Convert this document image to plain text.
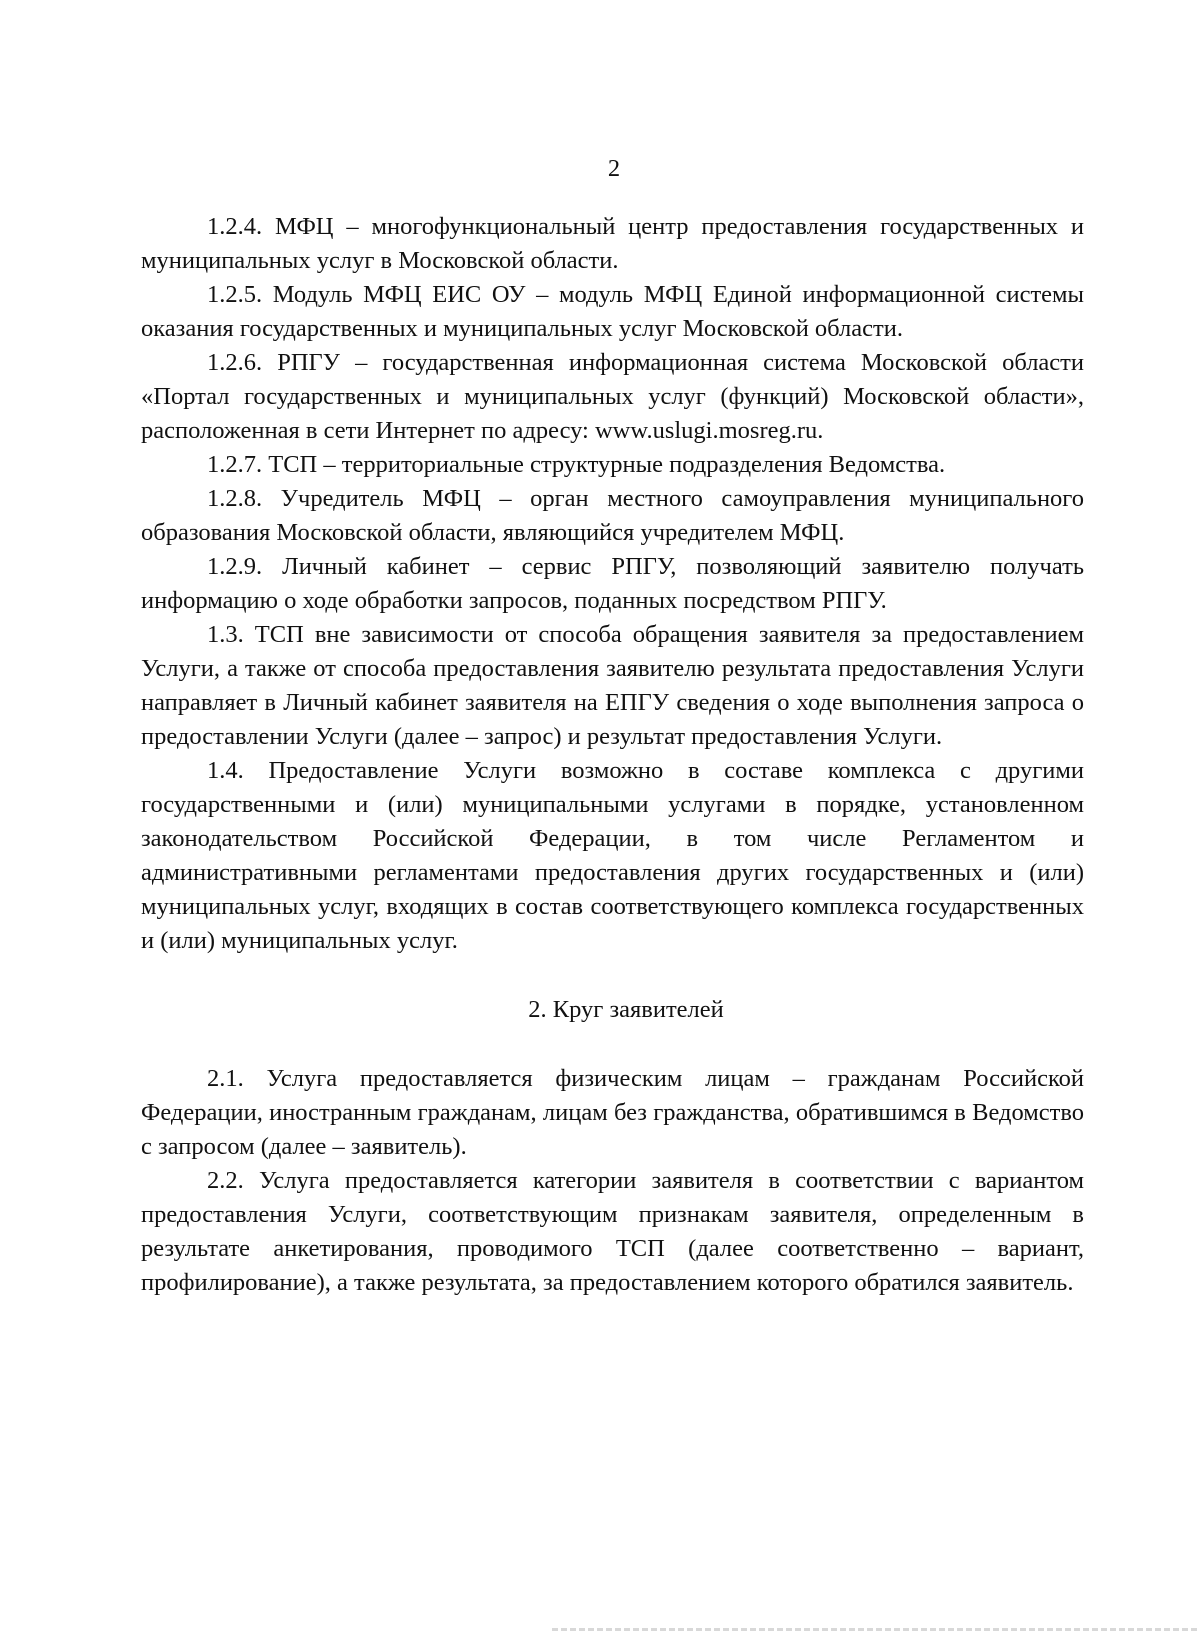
2

1.2.4. МФЦ – многофункциональный центр предоставления государственных и муниципальных услуг в Московской области.

1.2.5. Модуль МФЦ ЕИС ОУ – модуль МФЦ Единой информационной системы оказания государственных и муниципальных услуг Московской области.

1.2.6. РПГУ – государственная информационная система Московской области «Портал государственных и муниципальных услуг (функций) Московской области», расположенная в сети Интернет по адресу: www.uslugi.mosreg.ru.

1.2.7. ТСП – территориальные структурные подразделения Ведомства.

1.2.8. Учредитель МФЦ – орган местного самоуправления муниципального образования Московской области, являющийся учредителем МФЦ.

1.2.9. Личный кабинет – сервис РПГУ, позволяющий заявителю получать информацию о ходе обработки запросов, поданных посредством РПГУ.

1.3. ТСП вне зависимости от способа обращения заявителя за предоставлением Услуги, а также от способа предоставления заявителю результата предоставления Услуги направляет в Личный кабинет заявителя на ЕПГУ сведения о ходе выполнения запроса о предоставлении Услуги (далее – запрос) и результат предоставления Услуги.

1.4. Предоставление Услуги возможно в составе комплекса с другими государственными и (или) муниципальными услугами в порядке, установленном законодательством Российской Федерации, в том числе Регламентом и административными регламентами предоставления других государственных и (или) муниципальных услуг, входящих в состав соответствующего комплекса государственных и (или) муниципальных услуг.

2. Круг заявителей

2.1. Услуга предоставляется физическим лицам – гражданам Российской Федерации, иностранным гражданам, лицам без гражданства, обратившимся в Ведомство с запросом (далее – заявитель).

2.2. Услуга предоставляется категории заявителя в соответствии с вариантом предоставления Услуги, соответствующим признакам заявителя, определенным в результате анкетирования, проводимого ТСП (далее соответственно – вариант, профилирование), а также результата, за предоставлением которого обратился заявитель.
